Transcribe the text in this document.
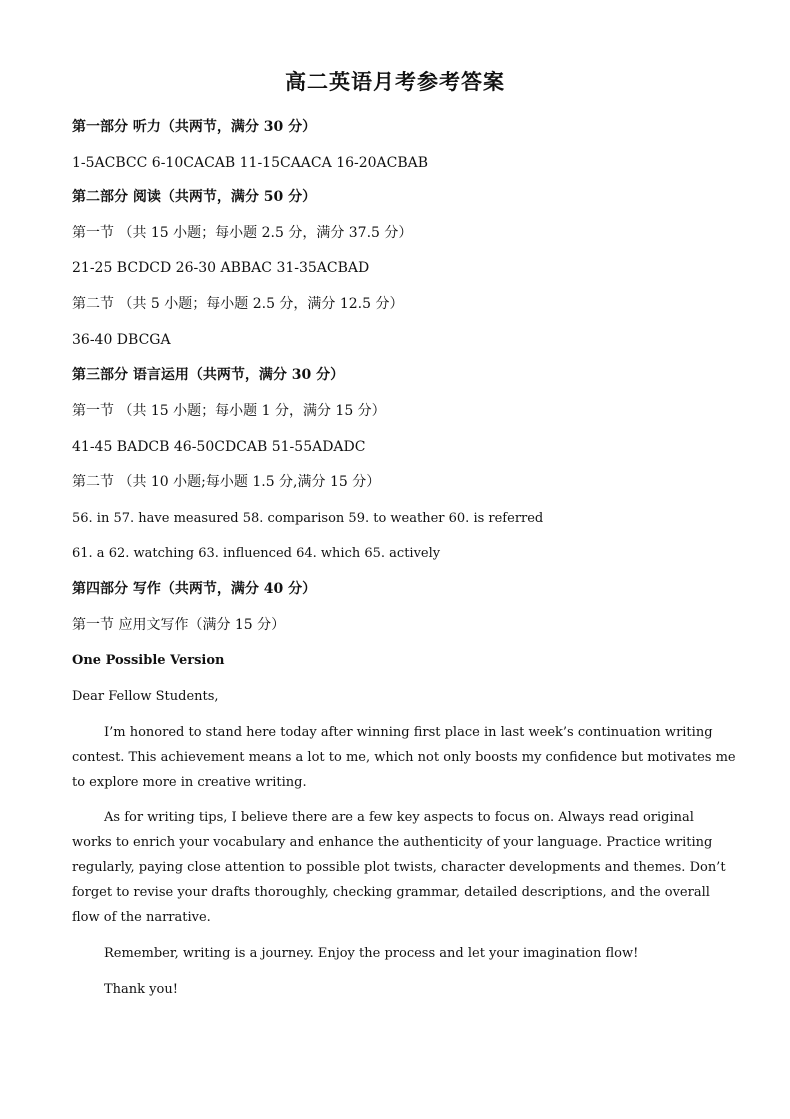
高二英语月考参考答案
第一部分 听力（共两节，满分 30 分）
1-5ACBCC 6-10CACAB 11-15CAACA 16-20ACBAB
第二部分 阅读（共两节，满分 50 分）
第一节 （共 15 小题；每小题 2.5 分，满分 37.5 分）
21-25 BCDCD 26-30 ABBAC 31-35ACBAD
第二节 （共 5 小题；每小题 2.5 分，满分 12.5 分）
36-40 DBCGA
第三部分 语言运用（共两节，满分 30 分）
第一节 （共 15 小题；每小题 1 分，满分 15 分）
41-45 BADCB 46-50CDCAB 51-55ADADC
第二节 （共 10 小题;每小题 1.5 分,满分 15 分）
56. in 57. have measured 58. comparison 59. to weather 60. is referred
61. a 62. watching 63. influenced 64. which 65. actively
第四部分 写作（共两节，满分 40 分）
第一节 应用文写作（满分 15 分）
One Possible Version
Dear Fellow Students,
I’m honored to stand here today after winning first place in last week’s continuation writing
contest. This achievement means a lot to me, which not only boosts my confidence but motivates me
to explore more in creative writing.
As for writing tips, I believe there are a few key aspects to focus on. Always read original
works to enrich your vocabulary and enhance the authenticity of your language. Practice writing
regularly, paying close attention to possible plot twists, character developments and themes. Don’t
forget to revise your drafts thoroughly, checking grammar, detailed descriptions, and the overall
flow of the narrative.
Remember, writing is a journey. Enjoy the process and let your imagination flow!
Thank you!
